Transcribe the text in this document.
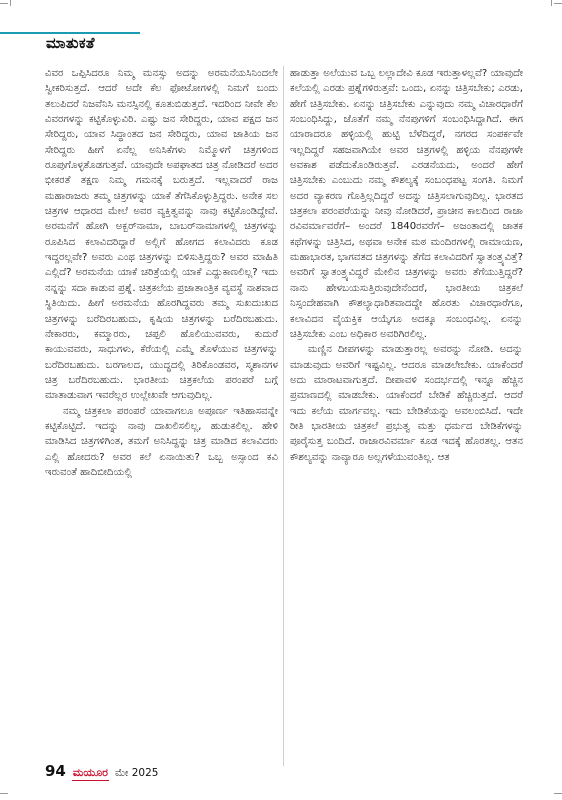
ಮಾತುಕತೆ

ವಿವರ ಒಪ್ಪಿಸಿದರೂ ನಿಮ್ಮ ಮನಸ್ಸು ಅದನ್ನು ಅರಮನೆಯಸಿನಿಂದಲೇ ಸ್ವೀಕರಿಸುತ್ತದೆ. ಆದರೆ ಅದೇ ಕೆಲ ಫೋಟೋಗಳಲ್ಲಿ ನಿಮಗೆ ಬಂದು ತಲುಪಿದರೆ ನಿಜವೆನಿಸಿ ಮನಸ್ಸಿನಲ್ಲಿ ಕೂತುಬಿಡುತ್ತದೆ. ಇದರಿಂದ ನೀವೇ ಕೆಲ ವಿವರಗಳನ್ನು ಕಟ್ಟಿಕೊಳ್ಳುವಿರಿ. ಎಷ್ಟು ಜನ ಸೇರಿದ್ದರು, ಯಾವ ಪಕ್ಷದ ಜನ ಸೇರಿದ್ದರು, ಯಾವ ಸಿದ್ಧಾಂತದ ಜನ ಸೇರಿದ್ದರು, ಯಾವ ಜಾತಿಯ ಜನ ಸೇರಿದ್ದರು ಹೀಗೆ ಏನೆಲ್ಲ ಅನಿಸಿಕೆಗಳು ನಿಮ್ಮೊಳಗೆ ಚಿತ್ರಗಳಿಂದ ರೂಪುಗೊಳ್ಳತೊಡಗುತ್ತವೆ. ಯಾವುದೇ ಅಪಘಾತದ ಚಿತ್ರ ನೋಡಿದರೆ ಅದರ ಭೀಕರತೆ ತಕ್ಷಣ ನಿಮ್ಮ ಗಮನಕ್ಕೆ ಬರುತ್ತದೆ. ಇಲ್ಲವಾದರೆ ರಾಜ ಮಹಾರಾಜರು ತಮ್ಮ ಚಿತ್ರಗಳನ್ನು ಯಾಕೆ ತೆಗೆಸಿಕೊಳ್ಳುತ್ತಿದ್ದರು. ಅನೇಕ ಸಲ ಚಿತ್ರಗಳ ಆಧಾರದ ಮೇಲೆ ಅವರ ವ್ಯಕ್ತಿತ್ವವನ್ನು ನಾವು ಕಟ್ಟಿಕೊಂಡಿದ್ದೇವೆ. ಅರಮನೆಗೆ ಹೋಗಿ ಅಕ್ಬರ್‌ನಾಮಾ, ಬಾಬರ್‌ನಾಮಾಗಳಲ್ಲಿ ಚಿತ್ರಗಳನ್ನು ರೂಪಿಸಿದ ಕಲಾವಿದರಿದ್ದಾರೆ ಅಲ್ಲಿಗೆ ಹೋಗದ ಕಲಾವಿದರು ಕೂಡ ಇದ್ದರಲ್ಲವೇ? ಅವರು ಎಂಥ ಚಿತ್ರಗಳನ್ನು ಬಿಳಿಸುತ್ತಿದ್ದರು? ಅವರ ಮಾಹಿತಿ ಎಲ್ಲಿದೆ? ಅರಮನೆಯ ಯಾಕೆ ಚರಿತ್ರೆಯಲ್ಲಿ ಯಾಕೆ ಎದ್ದುಕಾಣಲಿಲ್ಲ? ಇದು ನನ್ನನ್ನು ಸದಾ ಕಾಡುವ ಪ್ರಶ್ನೆ. ಚಿತ್ರಕಲೆಯ ಪ್ರಜಾತಾಂತ್ರಿಕ ವ್ಯವಸ್ಥೆ ನಾಶವಾದ ಸ್ಥಿತಿಯಿದು. ಹೀಗೆ ಅರಮನೆಯ ಹೊರಗಿದ್ದವರು ತಮ್ಮ ಸುಖದುಃಖದ ಚಿತ್ರಗಳನ್ನು ಬರೆದಿರಬಹುದು, ಕೃಷಿಯ ಚಿತ್ರಗಳನ್ನು ಬರೆದಿರಬಹುದು. ನೇಕಾರರು, ಕಮ್ಮಾರರು, ಚಪ್ಪಲಿ ಹೊಲಿಯುವವರು, ಕುದುರೆ ಕಾಯುವವರು, ಸಾಧುಗಳು, ಕೆರೆಯಲ್ಲಿ ಎಮ್ಮೆ ತೊಳೆಯುವ ಚಿತ್ರಗಳನ್ನು ಬರೆದಿರಬಹುದು. ಬರಗಾಲದ, ಯುದ್ಧದಲ್ಲಿ ತಿರಿಕೊಂಡವರ, ಸ್ಮಶಾನಗಳ ಚಿತ್ರ ಬರೆದಿರಬಹುದು. ಭಾರತೀಯ ಚಿತ್ರಕಲೆಯ ಪರಂಪರೆ ಬಗ್ಗೆ ಮಾತಾಡುವಾಗ ಇವರೆಲ್ಲರ ಉಲ್ಲೇಖವೇ ಆಗುವುದಿಲ್ಲ.

ನಮ್ಮ ಚಿತ್ರಕಲಾ ಪರಂಪರೆ ಯಾವಾಗಲೂ ಅಪೂರ್ಣ ಇತಿಹಾಸವನ್ನೇ ಕಟ್ಟಿಕೊಟ್ಟಿದೆ. ಇದನ್ನು ನಾವು ದಾಖಲಿಸಲಿಲ್ಲ, ಹುಡುಕಲಿಲ್ಲ. ಹೇಳಿ ಮಾಡಿಸಿದ ಚಿತ್ರಗಳಿಗಿಂತ, ತಮಗೆ ಅನಿಸಿದ್ದನ್ನು ಚಿತ್ರ ಮಾಡಿದ ಕಲಾವಿದರು ಎಲ್ಲಿ ಹೋದರು? ಅವರ ಕಲೆ ಏನಾಯಿತು? ಒಬ್ಬ ಅಸ್ಸಾಂದ ಕವಿ ಇರುವಂತೆ ಹಾದಿಬೀದಿಯಲ್ಲಿ

ಹಾಡುತ್ತಾ ಅಲೆಯುವ ಒಬ್ಬ ಲಲ್ಲಾದೇವಿ ಕೂಡ ಇರುತ್ತಾಳಲ್ಲವೆ? ಯಾವುದೇ ಕಲೆಯಲ್ಲಿ ಎರಡು ಪ್ರಶ್ನೆಗಳಿರುತ್ತವೆ: ಒಂದು, ಏನನ್ನು ಚಿತ್ರಿಸಬೇಕು; ಎರಡು, ಹೇಗೆ ಚಿತ್ರಿಸಬೇಕು. ಏನನ್ನು ಚಿತ್ರಿಸಬೇಕು ಎನ್ನುವುದು ನಮ್ಮ ವಿಚಾರಧಾರೆಗೆ ಸಂಬಂಧಿಸಿದ್ದು, ಜೊತೆಗೆ ನಮ್ಮ ನೆನಪುಗಳಿಗೆ ಸಂಬಂಧಿಸಿದ್ದಾಗಿದೆ. ಈಗ ಯಾರಾದರೂ ಹಳ್ಳಿಯಲ್ಲಿ ಹುಟ್ಟಿ ಬೆಳೆದಿದ್ದರೆ, ನಗರದ ಸಂಪರ್ಕವೇ ಇಲ್ಲದಿದ್ದರೆ ಸಹಜವಾಗಿಯೇ ಅವರ ಚಿತ್ರಗಳಲ್ಲಿ ಹಳ್ಳಿಯ ನೆನಪುಗಳೇ ಅವಕಾಶ ಪಡೆದುಕೊಂಡಿರುತ್ತವೆ. ಎರಡನೆಯದು, ಅಂದರೆ ಹೇಗೆ ಚಿತ್ರಿಸಬೇಕು ಎಂಬುದು ನಮ್ಮ ಕೌಶಲ್ಯಕ್ಕೆ ಸಂಬಂಧಪಟ್ಟ ಸಂಗತಿ. ನಿಮಗೆ ಅದರ ವ್ಯಾಕರಣ ಗೊತ್ತಿಲ್ಲದಿದ್ದರೆ ಅದನ್ನು ಚಿತ್ರಿಸಲಾಗುವುದಿಲ್ಲ. ಭಾರತದ ಚಿತ್ರಕಲಾ ಪರಂಪರೆಯನ್ನು ನೀವು ನೋಡಿದರೆ, ಪ್ರಾಚೀನ ಕಾಲದಿಂದ ರಾಜಾ ರವಿವರ್ಮಾವರೆಗೆ– ಅಂದರೆ 1840ರವರೆಗೆ– ಅಜಂತಾದಲ್ಲಿ ಜಾತಕ ಕಥೆಗಳನ್ನು ಚಿತ್ರಿಸಿದ, ಅಥವಾ ಅನೇಕ ಮಠ ಮಂದಿರಗಳಲ್ಲಿ ರಾಮಾಯಣ, ಮಹಾಭಾರತ, ಭಾಗವತದ ಚಿತ್ರಗಳನ್ನು ತೆಗೆದ ಕಲಾವಿದರಿಗೆ ಸ್ವಾತಂತ್ರ್ಯವಿತ್ತೆ? ಅವರಿಗೆ ಸ್ವಾತಂತ್ರ್ಯವಿದ್ದರೆ ಮೇಲಿನ ಚಿತ್ರಗಳನ್ನು ಅವರು ತೆಗೆಯುತ್ತಿದ್ದರೆ? ನಾನು ಹೇಳಬಯಸುತ್ತಿರುವುದೇನೆಂದರೆ, ಭಾರತೀಯ ಚಿತ್ರಕಲೆ ನಿಸ್ಸಂದೇಹವಾಗಿ ಕೌಶಲ್ಯಾಧಾರಿತವಾದದ್ದೇ ಹೊರತು ವಿಚಾರಧಾರೆಗೂ, ಕಲಾವಿದನ ವೈಯಕ್ತಿಕ ಆಯ್ಕೆಗೂ ಅದಕ್ಕೂ ಸಂಬಂಧವಿಲ್ಲ. ಏನನ್ನು ಚಿತ್ರಿಸಬೇಕು ಎಂಬ ಅಧಿಕಾರ ಅವರಿಗಿರಲಿಲ್ಲ.

ಮಣ್ಣಿನ ದೀಪಗಳನ್ನು ಮಾಡುತ್ತಾರಲ್ಲ ಅವರನ್ನು ನೋಡಿ. ಅದನ್ನು ಮಾಡುವುದು ಅವರಿಗೆ ಇಷ್ಟವಿಲ್ಲ. ಆದರೂ ಮಾಡಲೇಬೇಕು. ಯಾಕೆಂದರೆ ಅದು ಮಾರಾಟವಾಗುತ್ತದೆ. ದೀಪಾವಳಿ ಸಂದರ್ಭದಲ್ಲಿ ಇನ್ನೂ ಹೆಚ್ಚಿನ ಪ್ರಮಾಣದಲ್ಲಿ ಮಾಡಬೇಕು. ಯಾಕೆಂದರೆ ಬೇಡಿಕೆ ಹೆಚ್ಚಿರುತ್ತದೆ. ಆದರೆ ಇದು ಕಲೆಯ ಮಾರ್ಗವಲ್ಲ. ಇದು ಬೇಡಿಕೆಯನ್ನು ಅವಲಂಬಿಸಿದೆ. ಇದೇ ರೀತಿ ಭಾರತೀಯ ಚಿತ್ರಕಲೆ ಪ್ರಭುತ್ವ ಮತ್ತು ಧರ್ಮದ ಬೇಡಿಕೆಗಳನ್ನು ಪೂರೈಸುತ್ತ ಬಂದಿದೆ. ರಾಜಾರವಿವರ್ಮಾ ಕೂಡ ಇದಕ್ಕೆ ಹೊರತಲ್ಲ. ಆತನ ಕೌಶಲ್ಯವನ್ನು ನಾವ್ಯಾರೂ ಅಲ್ಲಗಳೆಯುವಂತಿಲ್ಲ. ಆತ

94 ಮಯೂರ ಮೇ 2025
